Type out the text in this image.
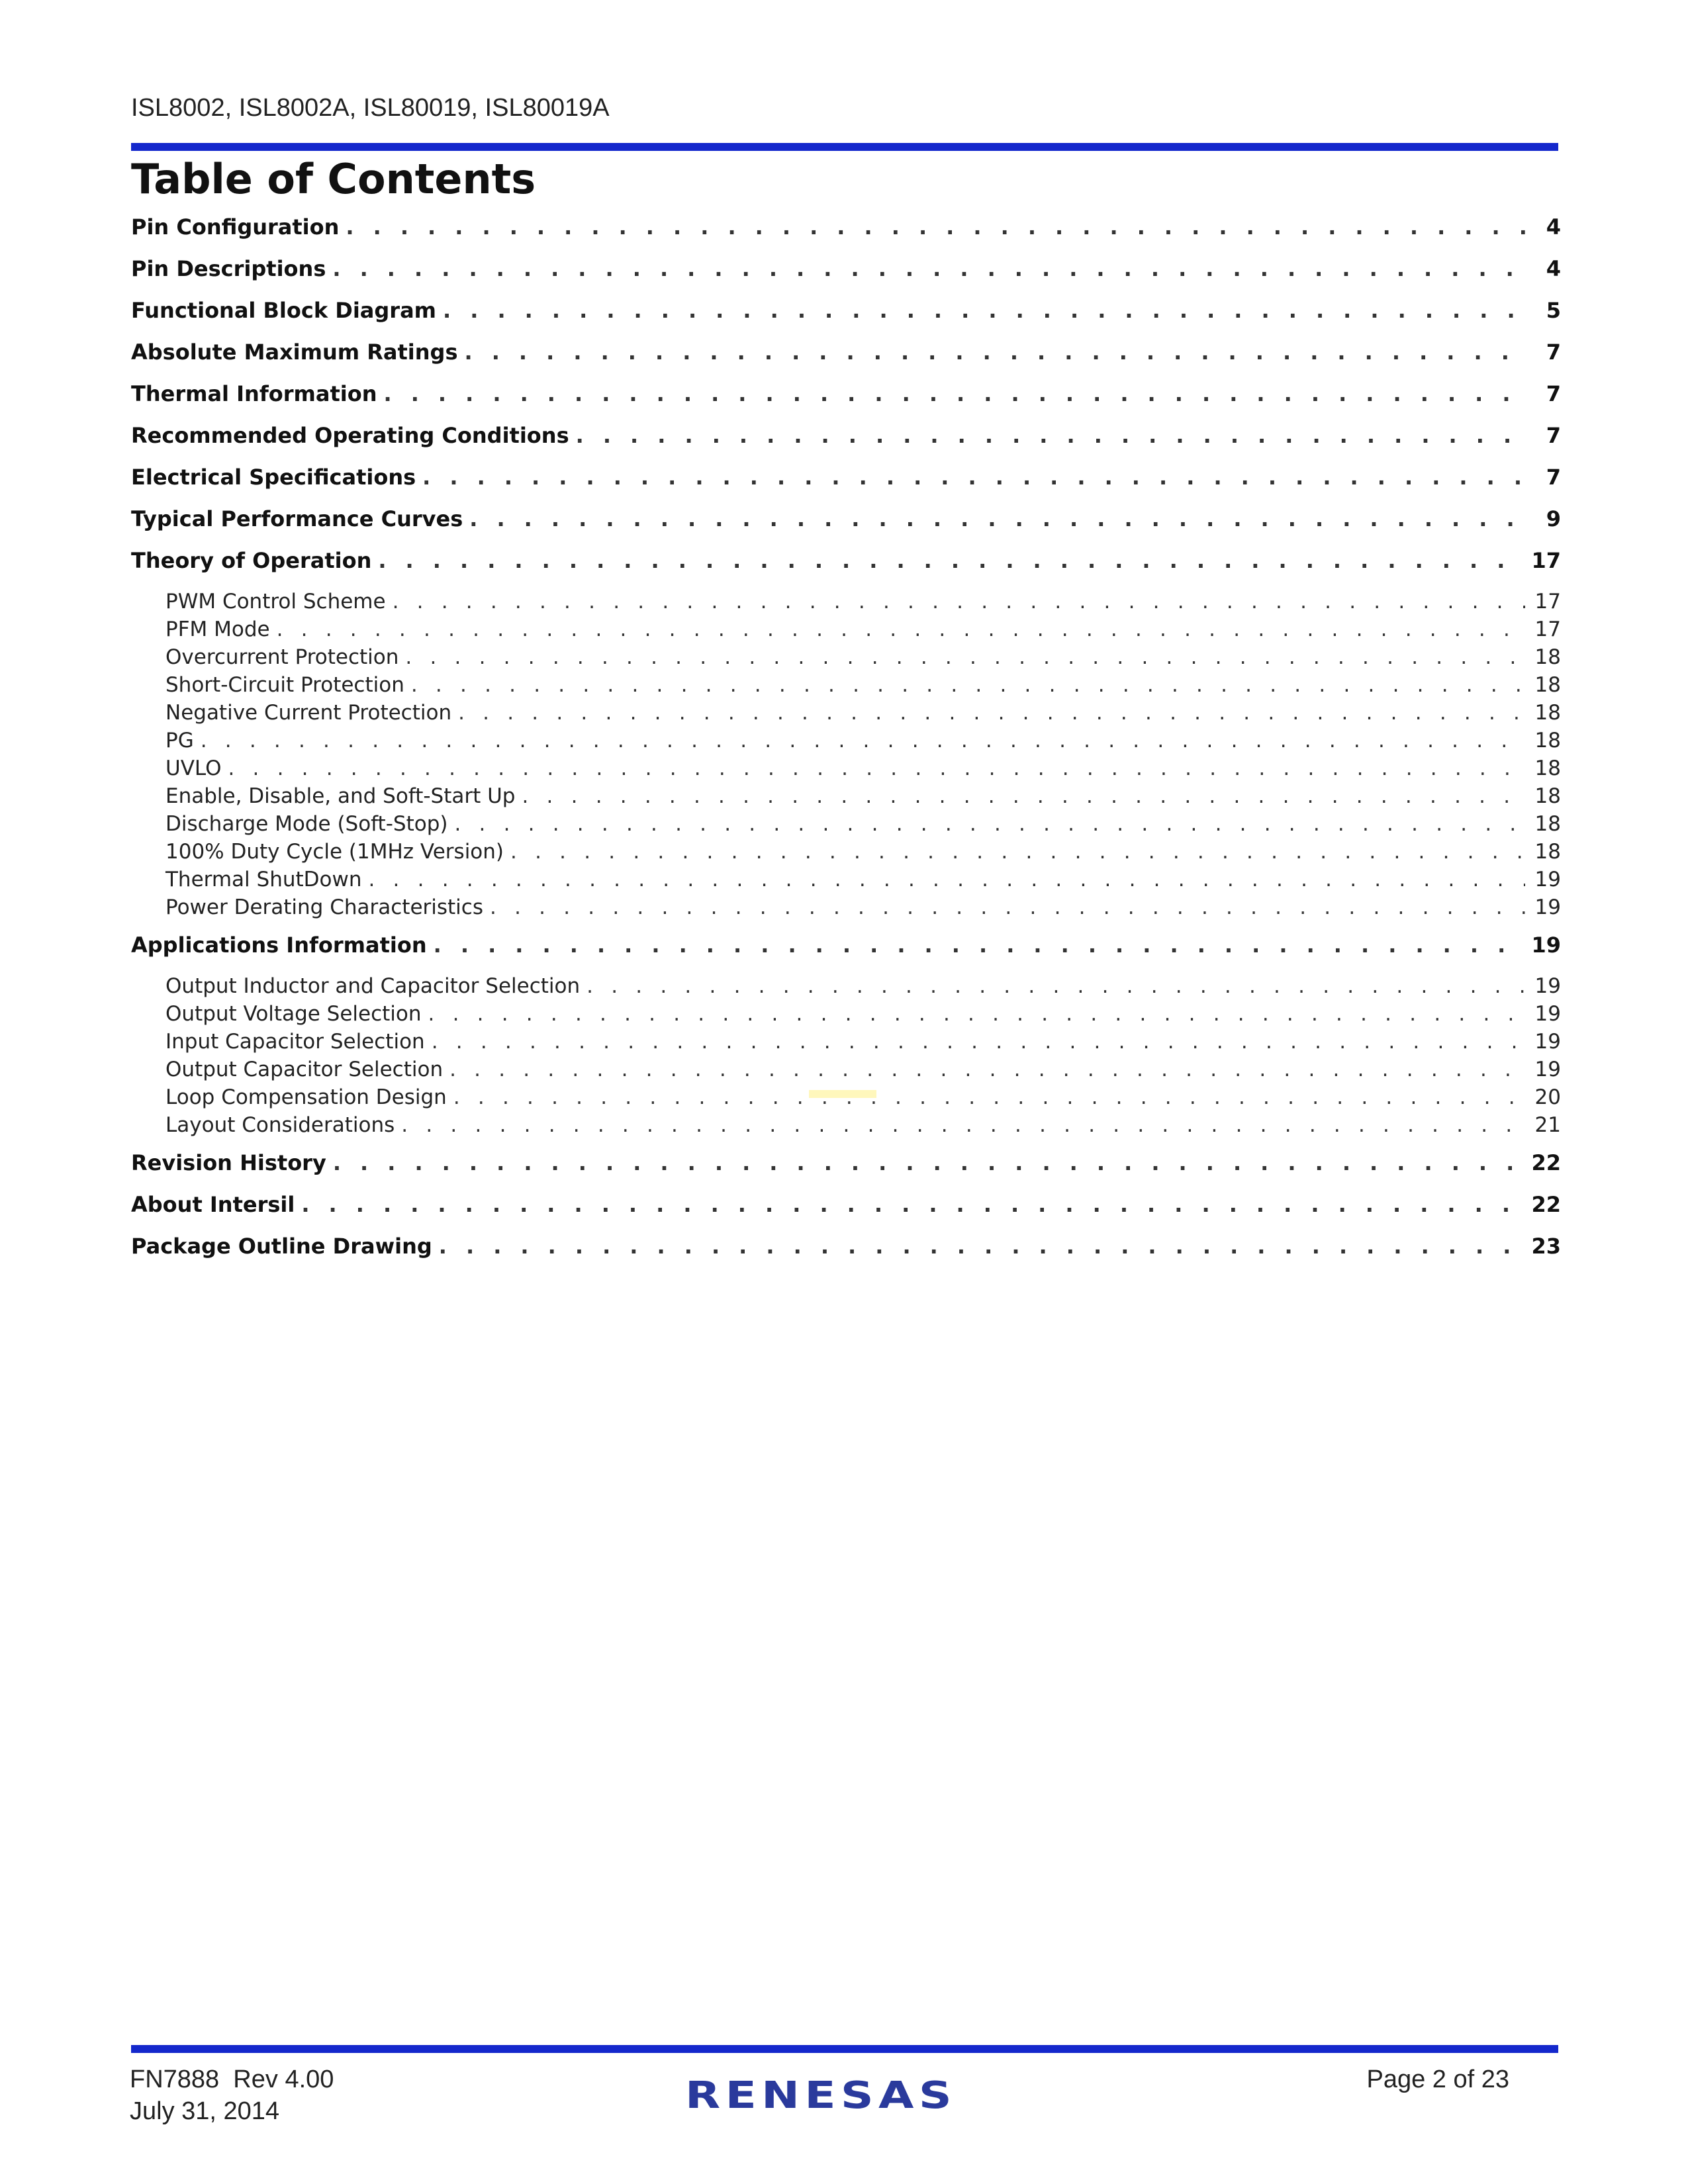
ISL8002, ISL8002A, ISL80019, ISL80019A
Table of Contents
Pin Configuration . . .	4
Pin Descriptions . . .	4
Functional Block Diagram . . .	5
Absolute Maximum Ratings . . .	7
Thermal Information . . .	7
Recommended Operating Conditions . . .	7
Electrical Specifications . . .	7
Typical Performance Curves . . .	9
Theory of Operation . . .	17
PWM Control Scheme . . .	17
PFM Mode . . .	17
Overcurrent Protection . . .	18
Short-Circuit Protection . . .	18
Negative Current Protection . . .	18
PG . . .	18
UVLO . . .	18
Enable, Disable, and Soft-Start Up . . .	18
Discharge Mode (Soft-Stop) . . .	18
100% Duty Cycle (1MHz Version) . . .	18
Thermal ShutDown . . .	19
Power Derating Characteristics . . .	19
Applications Information . . .	19
Output Inductor and Capacitor Selection . . .	19
Output Voltage Selection . . .	19
Input Capacitor Selection . . .	19
Output Capacitor Selection . . .	19
Loop Compensation Design . . .	20
Layout Considerations . . .	21
Revision History . . .	22
About Intersil . . .	22
Package Outline Drawing . . .	23
FN7888  Rev 4.00
July 31, 2014	RENESAS	Page 2 of 23
